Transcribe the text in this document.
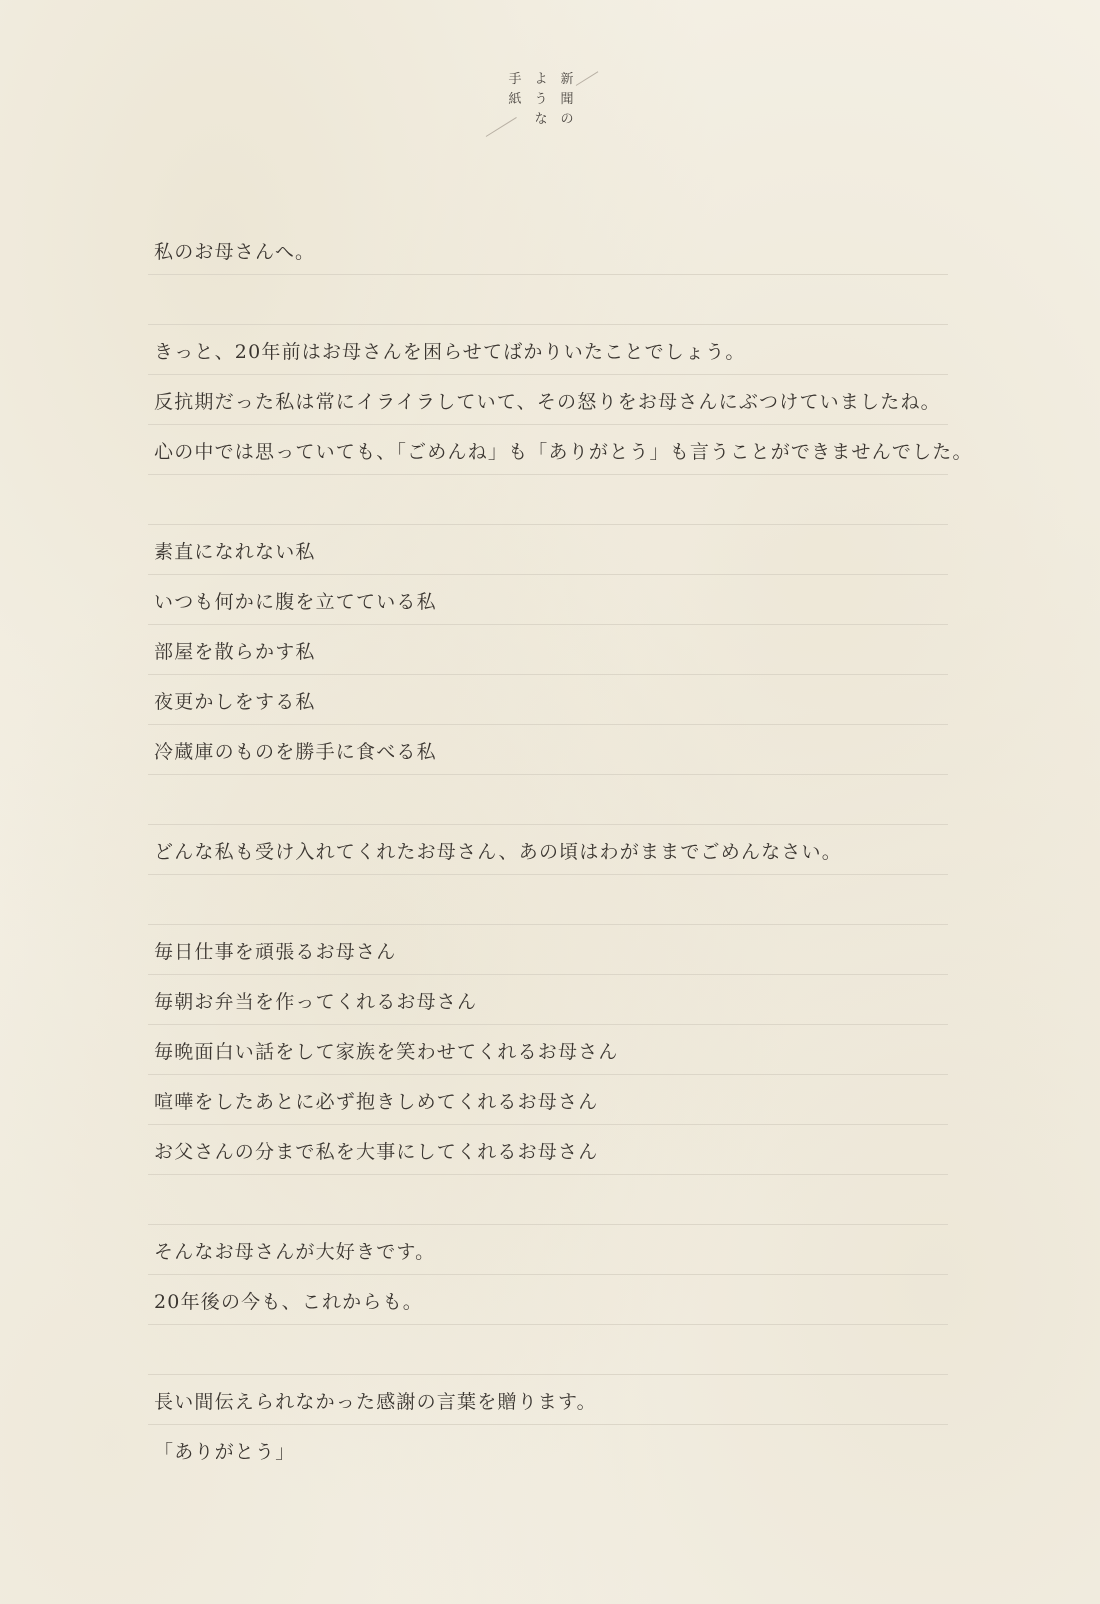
新
聞
の
よ
う
な
手
紙
私のお母さんへ。
きっと、20年前はお母さんを困らせてばかりいたことでしょう。
反抗期だった私は常にイライラしていて、その怒りをお母さんにぶつけていましたね。
心の中では思っていても、「ごめんね」も「ありがとう」も言うことができませんでした。
素直になれない私
いつも何かに腹を立てている私
部屋を散らかす私
夜更かしをする私
冷蔵庫のものを勝手に食べる私
どんな私も受け入れてくれたお母さん、あの頃はわがままでごめんなさい。
毎日仕事を頑張るお母さん
毎朝お弁当を作ってくれるお母さん
毎晩面白い話をして家族を笑わせてくれるお母さん
喧嘩をしたあとに必ず抱きしめてくれるお母さん
お父さんの分まで私を大事にしてくれるお母さん
そんなお母さんが大好きです。
20年後の今も、これからも。
長い間伝えられなかった感謝の言葉を贈ります。
「ありがとう」
